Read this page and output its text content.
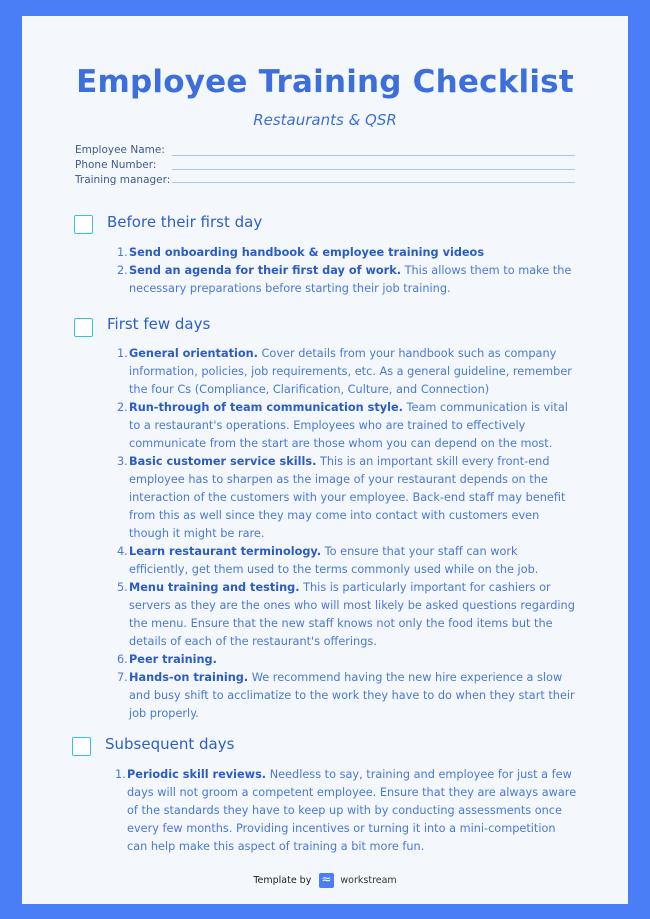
Employee Training Checklist
Restaurants & QSR
Employee Name:
Phone Number:
Training manager:
Before their first day
1. Send onboarding handbook & employee training videos
2. Send an agenda for their first day of work. This allows them to make the necessary preparations before starting their job training.
First few days
1. General orientation. Cover details from your handbook such as company information, policies, job requirements, etc. As a general guideline, remember the four Cs (Compliance, Clarification, Culture, and Connection)
2. Run-through of team communication style. Team communication is vital to a restaurant's operations. Employees who are trained to effectively communicate from the start are those whom you can depend on the most.
3. Basic customer service skills. This is an important skill every front-end employee has to sharpen as the image of your restaurant depends on the interaction of the customers with your employee. Back-end staff may benefit from this as well since they may come into contact with customers even though it might be rare.
4. Learn restaurant terminology. To ensure that your staff can work efficiently, get them used to the terms commonly used while on the job.
5. Menu training and testing. This is particularly important for cashiers or servers as they are the ones who will most likely be asked questions regarding the menu. Ensure that the new staff knows not only the food items but the details of each of the restaurant's offerings.
6. Peer training.
7. Hands-on training. We recommend having the new hire experience a slow and busy shift to acclimatize to the work they have to do when they start their job properly.
Subsequent days
1. Periodic skill reviews. Needless to say, training and employee for just a few days will not groom a competent employee. Ensure that they are always aware of the standards they have to keep up with by conducting assessments once every few months. Providing incentives or turning it into a mini-competition can help make this aspect of training a bit more fun.
Template by ≈ workstream
